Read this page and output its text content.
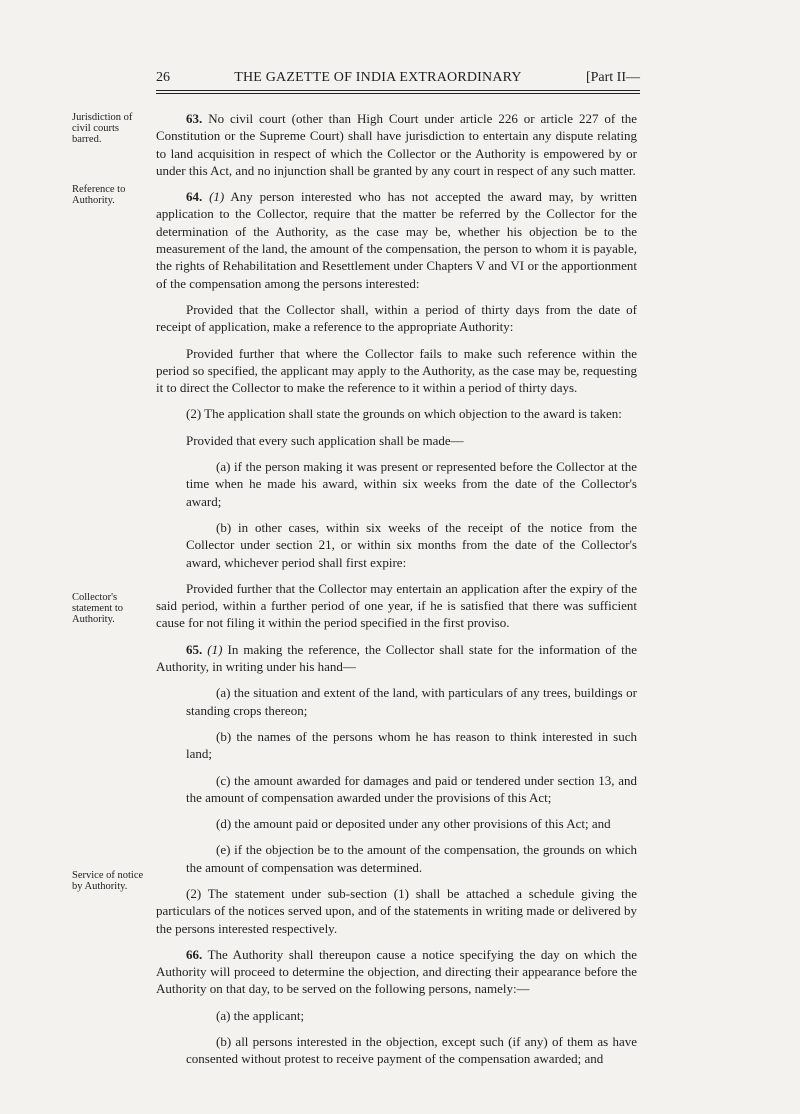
26	THE GAZETTE OF INDIA EXTRAORDINARY	[Part II—
Jurisdiction of civil courts barred.
Reference to Authority.
Collector's statement to Authority.
Service of notice by Authority.

63. No civil court (other than High Court under article 226 or article 227 of the Constitution or the Supreme Court) shall have jurisdiction to entertain any dispute relating to land acquisition in respect of which the Collector or the Authority is empowered by or under this Act, and no injunction shall be granted by any court in respect of any such matter.

64. (1) Any person interested who has not accepted the award may, by written application to the Collector, require that the matter be referred by the Collector for the determination of the Authority, as the case may be, whether his objection be to the measurement of the land, the amount of the compensation, the person to whom it is payable, the rights of Rehabilitation and Resettlement under Chapters V and VI or the apportionment of the compensation among the persons interested:

Provided that the Collector shall, within a period of thirty days from the date of receipt of application, make a reference to the appropriate Authority:

Provided further that where the Collector fails to make such reference within the period so specified, the applicant may apply to the Authority, as the case may be, requesting it to direct the Collector to make the reference to it within a period of thirty days.

(2) The application shall state the grounds on which objection to the award is taken:

Provided that every such application shall be made—

(a) if the person making it was present or represented before the Collector at the time when he made his award, within six weeks from the date of the Collector's award;

(b) in other cases, within six weeks of the receipt of the notice from the Collector under section 21, or within six months from the date of the Collector's award, whichever period shall first expire:

Provided further that the Collector may entertain an application after the expiry of the said period, within a further period of one year, if he is satisfied that there was sufficient cause for not filing it within the period specified in the first proviso.

65. (1) In making the reference, the Collector shall state for the information of the Authority, in writing under his hand—

(a) the situation and extent of the land, with particulars of any trees, buildings or standing crops thereon;

(b) the names of the persons whom he has reason to think interested in such land;

(c) the amount awarded for damages and paid or tendered under section 13, and the amount of compensation awarded under the provisions of this Act;

(d) the amount paid or deposited under any other provisions of this Act; and

(e) if the objection be to the amount of the compensation, the grounds on which the amount of compensation was determined.

(2) The statement under sub-section (1) shall be attached a schedule giving the particulars of the notices served upon, and of the statements in writing made or delivered by the persons interested respectively.

66. The Authority shall thereupon cause a notice specifying the day on which the Authority will proceed to determine the objection, and directing their appearance before the Authority on that day, to be served on the following persons, namely:—

(a) the applicant;

(b) all persons interested in the objection, except such (if any) of them as have consented without protest to receive payment of the compensation awarded; and
